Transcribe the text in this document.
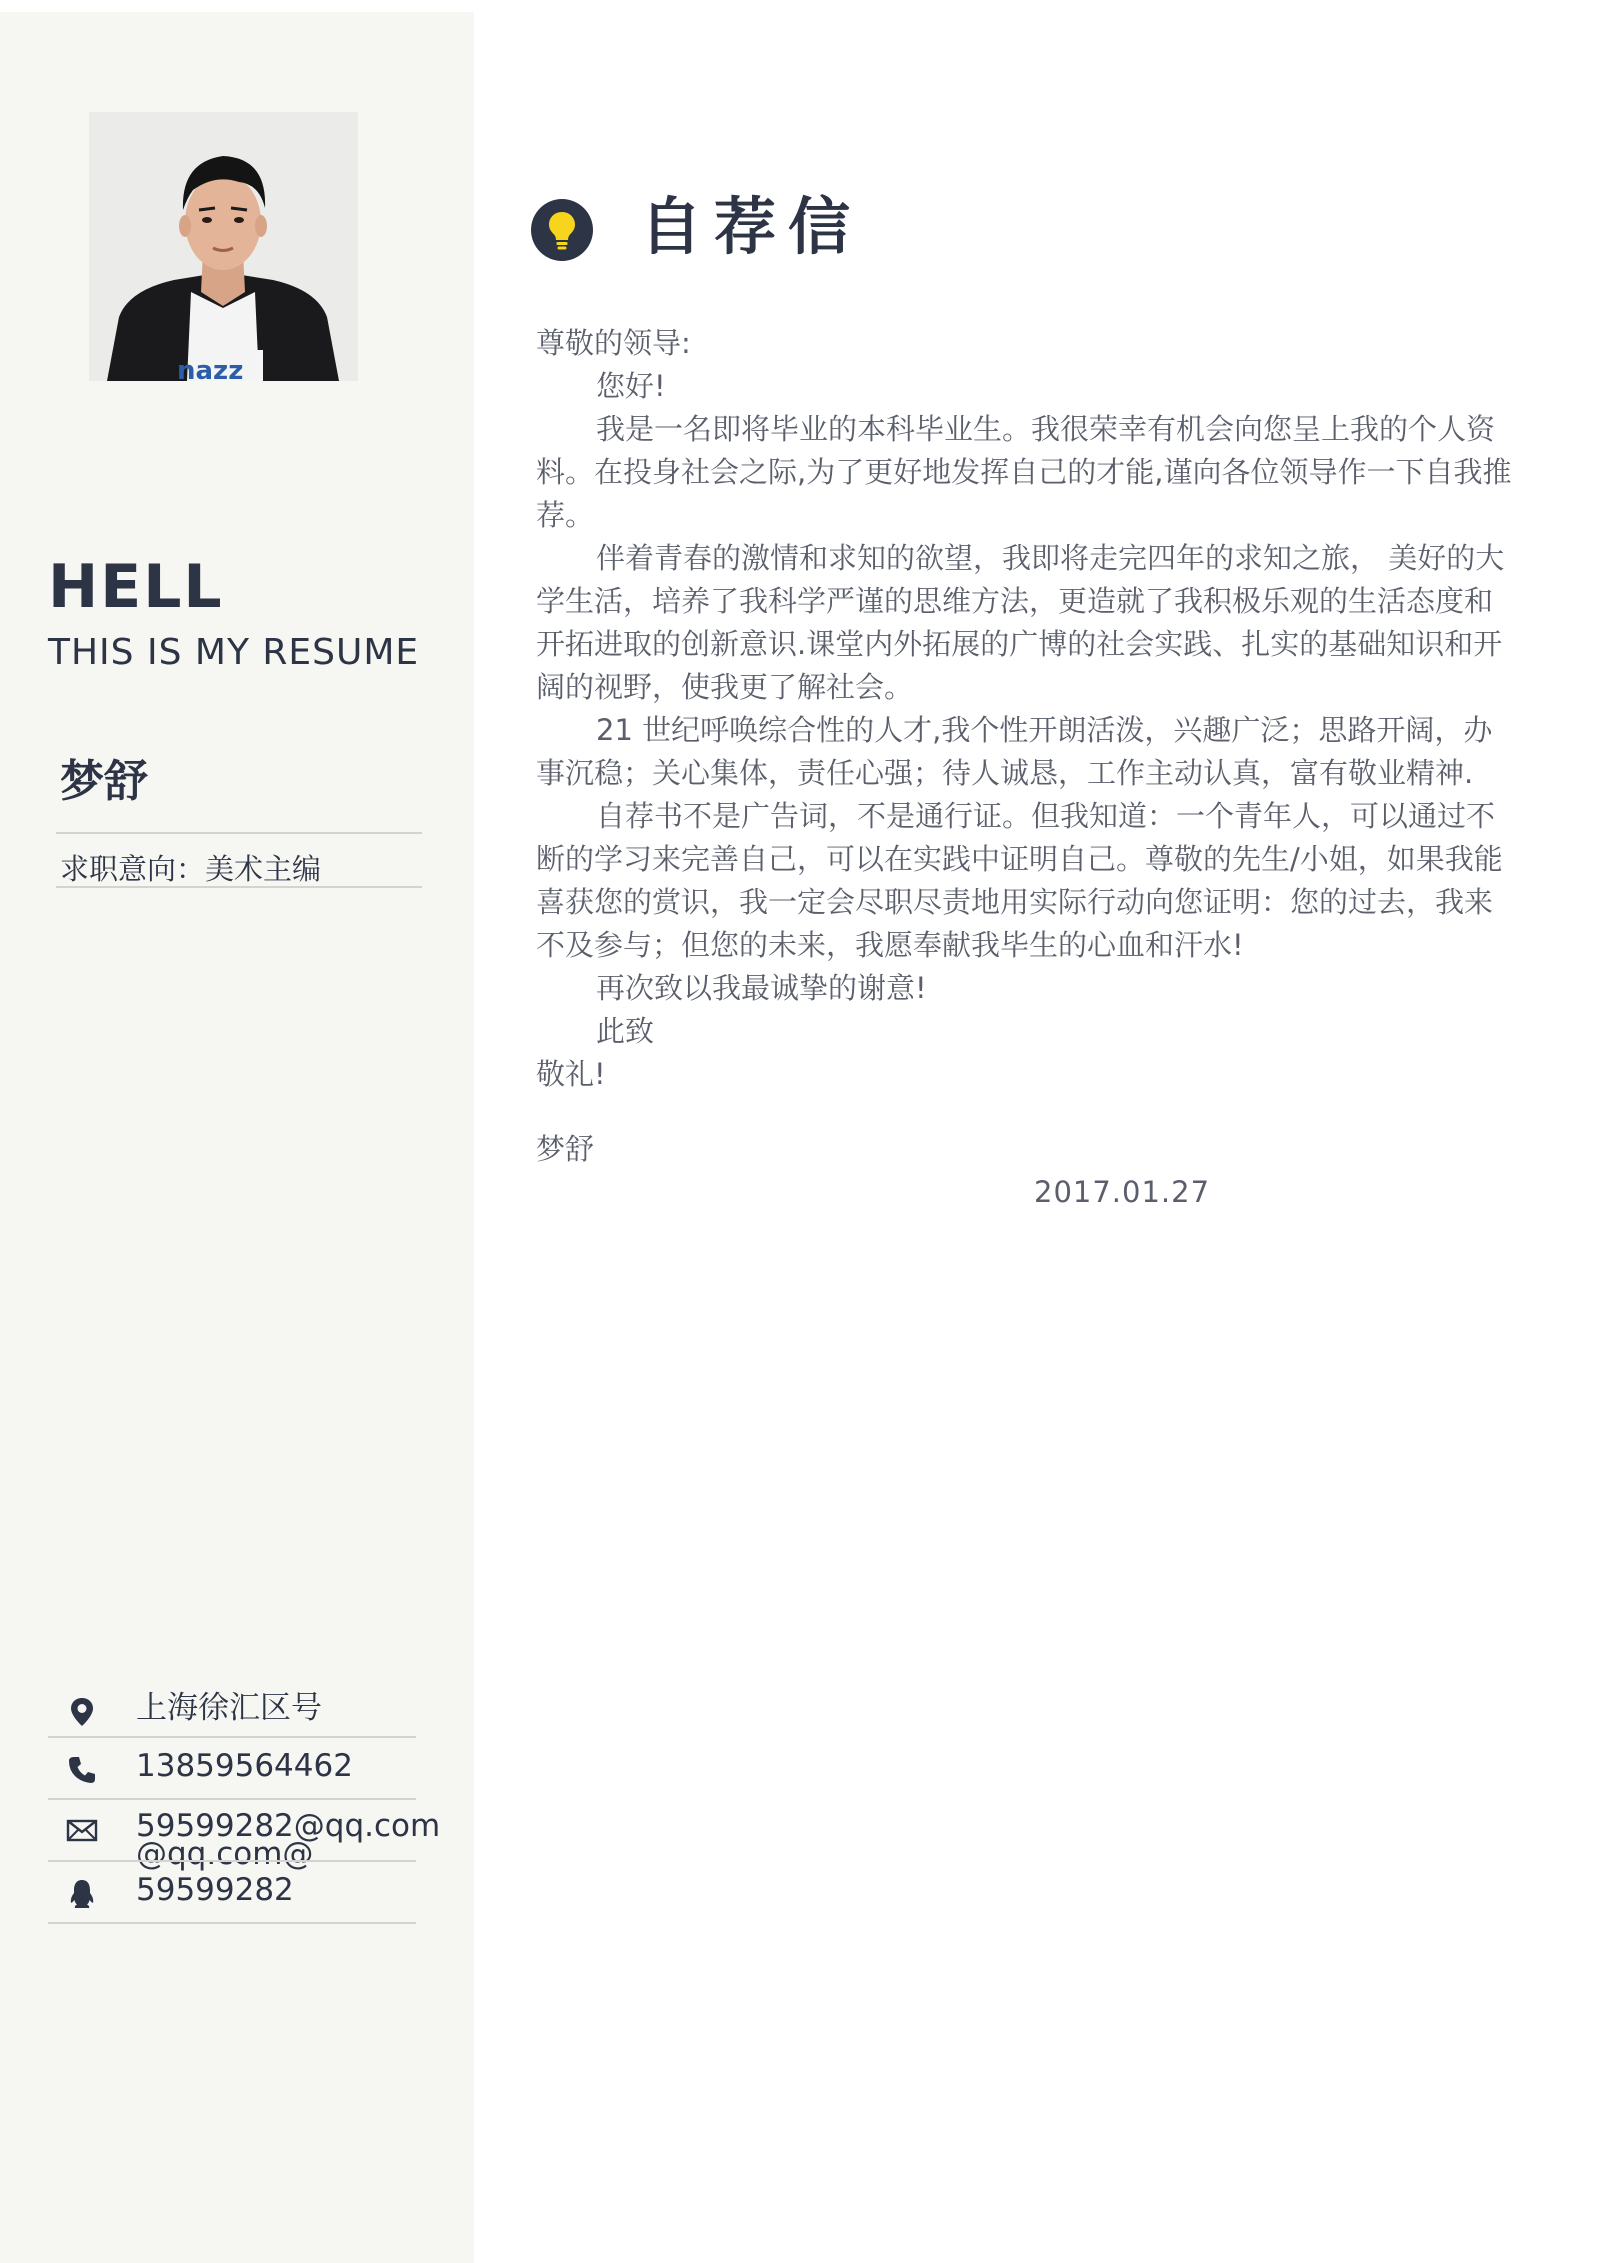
nazz
HELL
THIS IS MY RESUME
梦舒
求职意向：美术主编
上海徐汇区号
13859564462
59599282@qq.com
@qq.com@
59599282
自荐信

尊敬的领导:

您好!

我是一名即将毕业的本科毕业生。我很荣幸有机会向您呈上我的个人资料。在投身社会之际,为了更好地发挥自己的才能,谨向各位领导作一下自我推荐。

伴着青春的激情和求知的欲望，我即将走完四年的求知之旅， 美好的大学生活，培养了我科学严谨的思维方法，更造就了我积极乐观的生活态度和开拓进取的创新意识.课堂内外拓展的广博的社会实践、扎实的基础知识和开阔的视野，使我更了解社会。

21 世纪呼唤综合性的人才,我个性开朗活泼，兴趣广泛；思路开阔，办事沉稳；关心集体，责任心强；待人诚恳，工作主动认真，富有敬业精神.

自荐书不是广告词，不是通行证。但我知道：一个青年人，可以通过不断的学习来完善自己，可以在实践中证明自己。尊敬的先生/小姐，如果我能喜获您的赏识，我一定会尽职尽责地用实际行动向您证明：您的过去，我来不及参与；但您的未来，我愿奉献我毕生的心血和汗水!

再次致以我最诚挚的谢意!

此致

敬礼!

梦舒

2017.01.27
